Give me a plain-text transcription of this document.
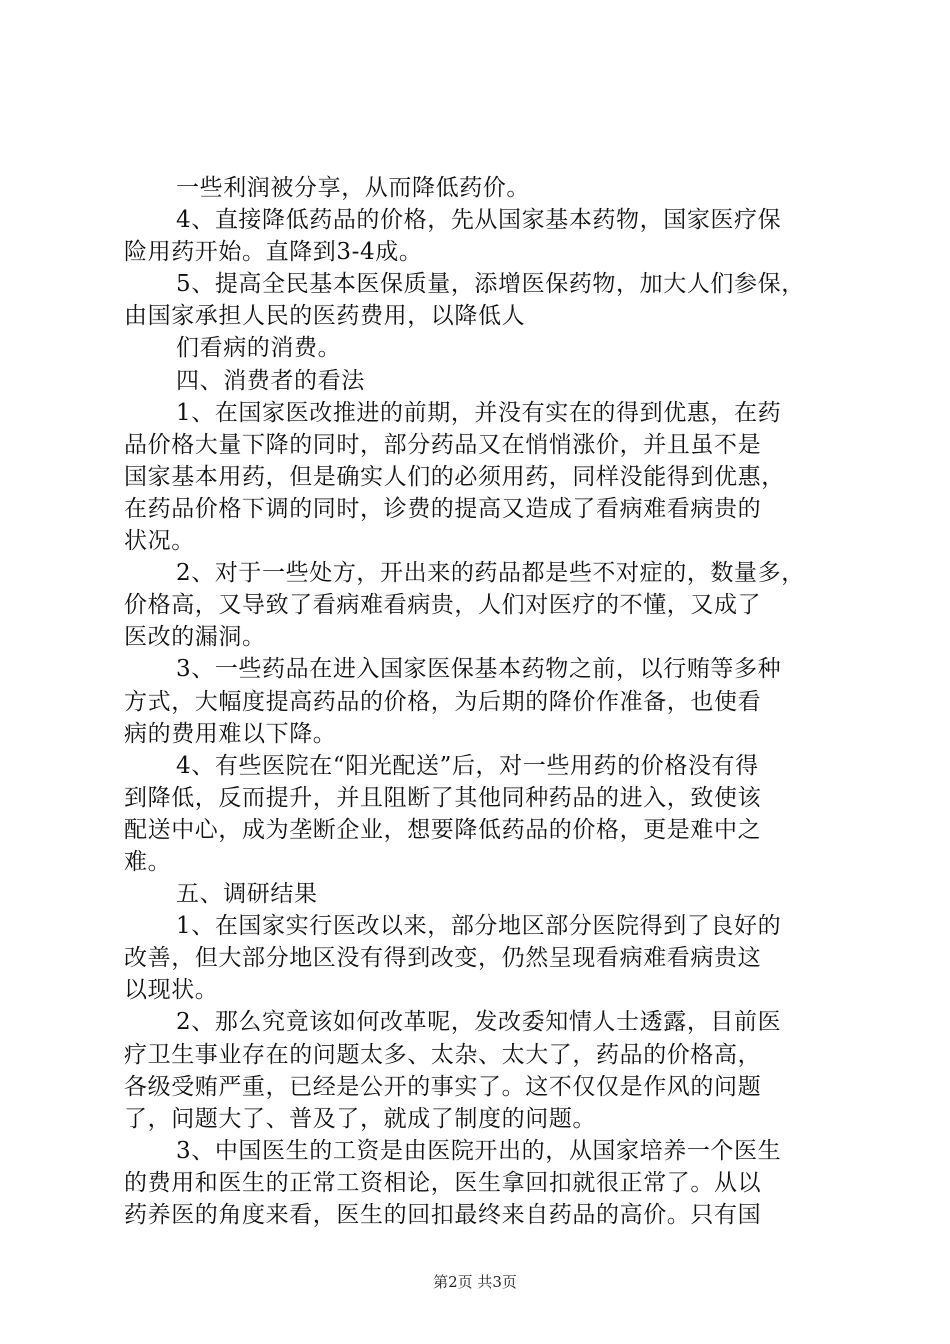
一些利润被分享，从而降低药价。
4、直接降低药品的价格，先从国家基本药物，国家医疗保
险用药开始。直降到3-4成。
5、提高全民基本医保质量，添增医保药物，加大人们参保，
由国家承担人民的医药费用，以降低人
们看病的消费。
四、消费者的看法
1、在国家医改推进的前期，并没有实在的得到优惠，在药
品价格大量下降的同时，部分药品又在悄悄涨价，并且虽不是
国家基本用药，但是确实人们的必须用药，同样没能得到优惠，
在药品价格下调的同时，诊费的提高又造成了看病难看病贵的
状况。
2、对于一些处方，开出来的药品都是些不对症的，数量多，
价格高，又导致了看病难看病贵，人们对医疗的不懂，又成了
医改的漏洞。
3、一些药品在进入国家医保基本药物之前，以行贿等多种
方式，大幅度提高药品的价格，为后期的降价作准备，也使看
病的费用难以下降。
4、有些医院在“阳光配送”后，对一些用药的价格没有得
到降低，反而提升，并且阻断了其他同种药品的进入，致使该
配送中心，成为垄断企业，想要降低药品的价格，更是难中之
难。
五、调研结果
1、在国家实行医改以来，部分地区部分医院得到了良好的
改善，但大部分地区没有得到改变，仍然呈现看病难看病贵这
以现状。
2、那么究竟该如何改革呢，发改委知情人士透露，目前医
疗卫生事业存在的问题太多、太杂、太大了，药品的价格高，
各级受贿严重，已经是公开的事实了。这不仅仅是作风的问题
了，问题大了、普及了，就成了制度的问题。
3、中国医生的工资是由医院开出的，从国家培养一个医生
的费用和医生的正常工资相论，医生拿回扣就很正常了。从以
药养医的角度来看，医生的回扣最终来自药品的高价。只有国
第2页 共3页
